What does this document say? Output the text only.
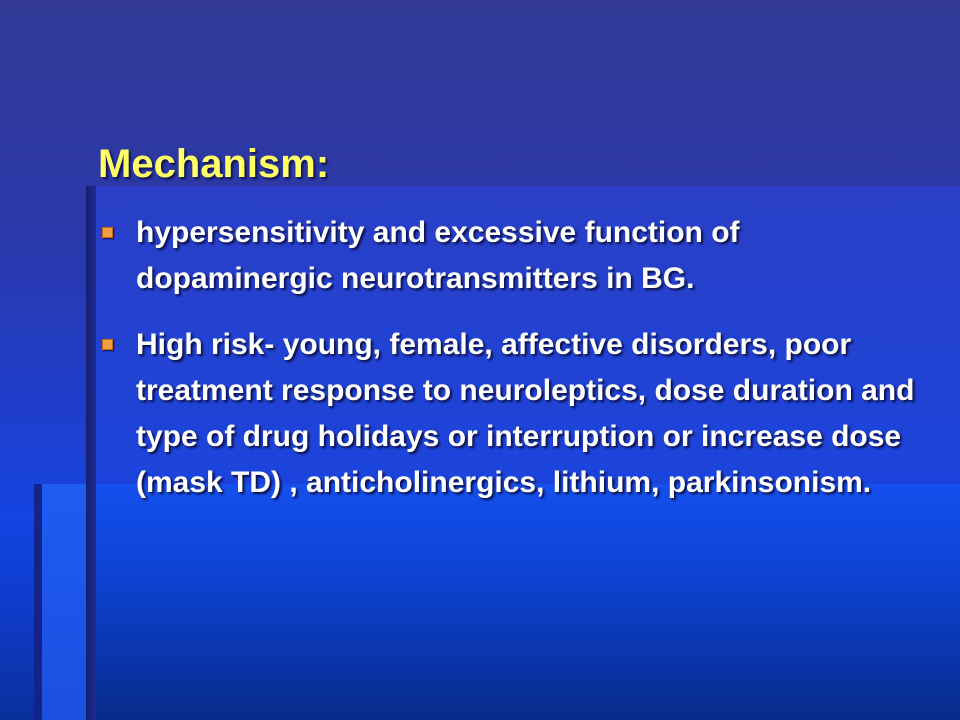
Mechanism:
hypersensitivity and excessive function of dopaminergic neurotransmitters in BG.
High risk- young, female, affective disorders, poor treatment response to neuroleptics, dose duration and type of drug holidays or interruption or increase dose (mask TD) , anticholinergics, lithium, parkinsonism.
